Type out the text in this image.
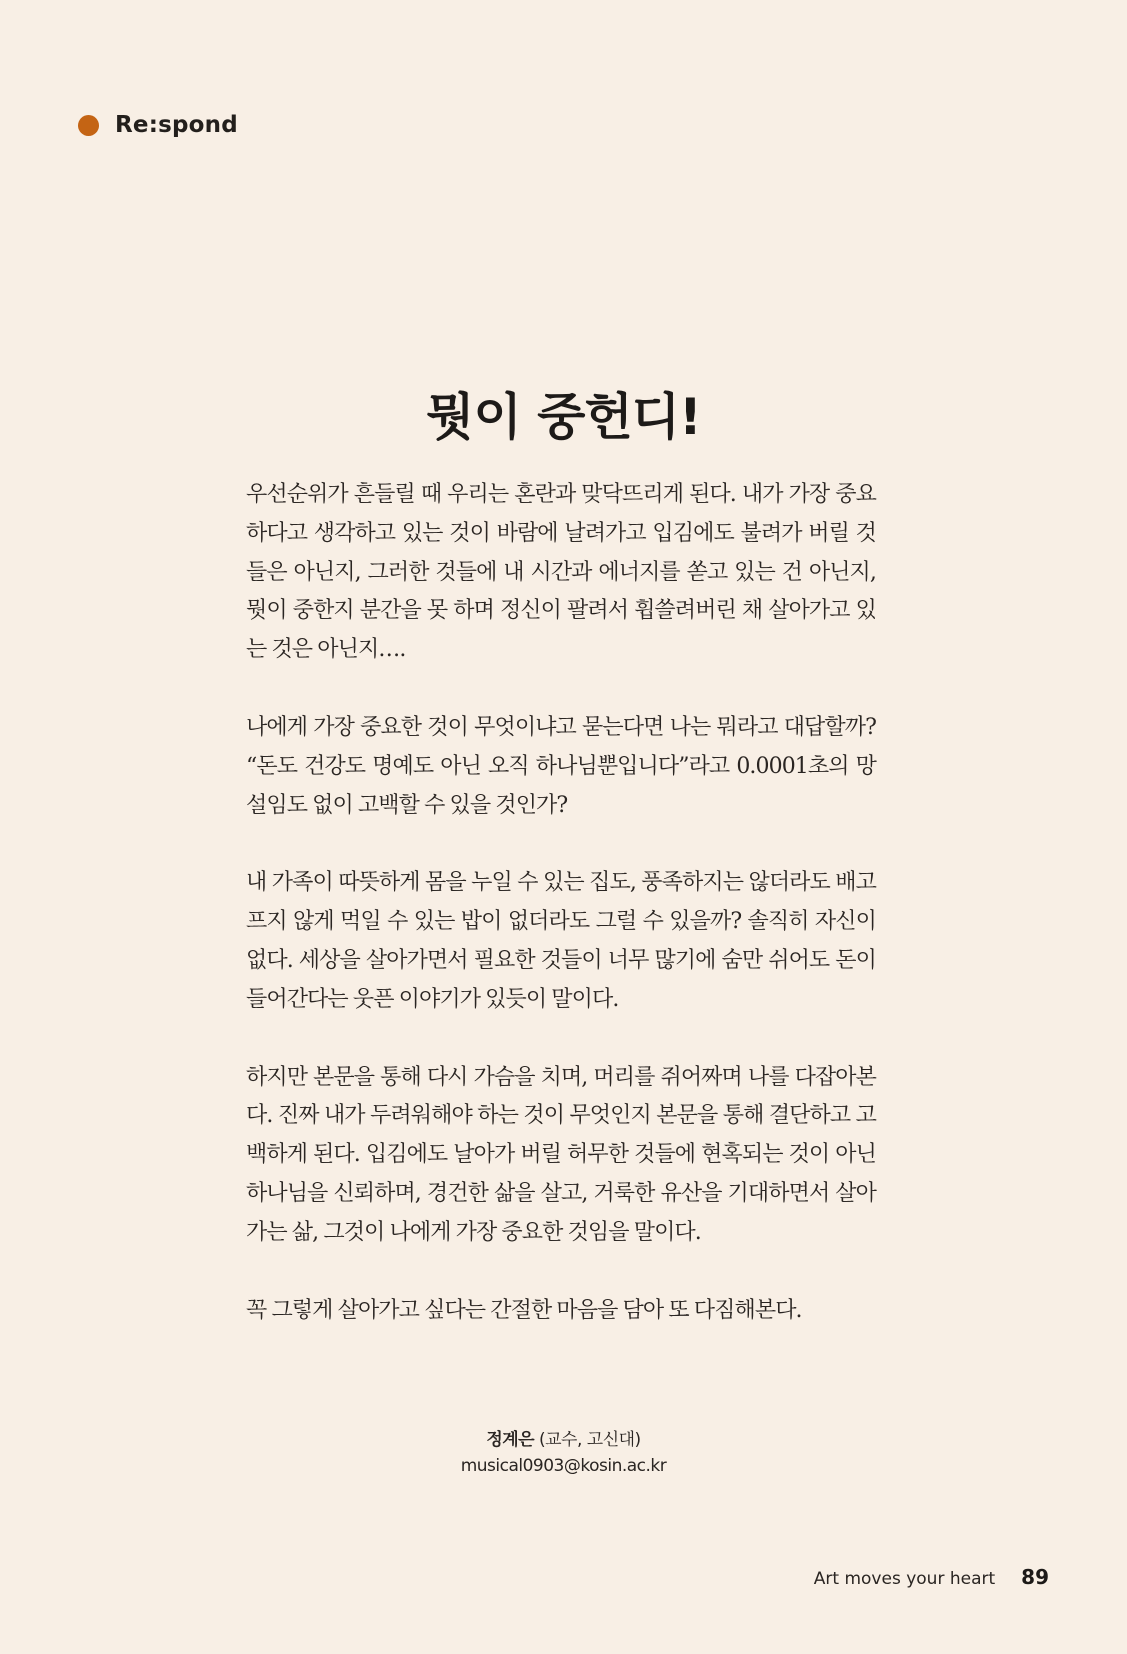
Re:spond
뭣이 중헌디!

우선순위가 흔들릴 때 우리는 혼란과 맞닥뜨리게 된다. 내가 가장 중요하다고 생각하고 있는 것이 바람에 날려가고 입김에도 불려가 버릴 것들은 아닌지, 그러한 것들에 내 시간과 에너지를 쏟고 있는 건 아닌지, 뭣이 중한지 분간을 못 하며 정신이 팔려서 휩쓸려버린 채 살아가고 있는 것은 아닌지….

나에게 가장 중요한 것이 무엇이냐고 묻는다면 나는 뭐라고 대답할까? “돈도 건강도 명예도 아닌 오직 하나님뿐입니다”라고 0.0001초의 망설임도 없이 고백할 수 있을 것인가?

내 가족이 따뜻하게 몸을 누일 수 있는 집도, 풍족하지는 않더라도 배고프지 않게 먹일 수 있는 밥이 없더라도 그럴 수 있을까? 솔직히 자신이 없다. 세상을 살아가면서 필요한 것들이 너무 많기에 숨만 쉬어도 돈이 들어간다는 웃픈 이야기가 있듯이 말이다.

하지만 본문을 통해 다시 가슴을 치며, 머리를 쥐어짜며 나를 다잡아본다. 진짜 내가 두려워해야 하는 것이 무엇인지 본문을 통해 결단하고 고백하게 된다. 입김에도 날아가 버릴 허무한 것들에 현혹되는 것이 아닌 하나님을 신뢰하며, 경건한 삶을 살고, 거룩한 유산을 기대하면서 살아가는 삶, 그것이 나에게 가장 중요한 것임을 말이다.

꼭 그렇게 살아가고 싶다는 간절한 마음을 담아 또 다짐해본다.

정계은 (교수, 고신대)
musical0903@kosin.ac.kr
Art moves your heart 89
